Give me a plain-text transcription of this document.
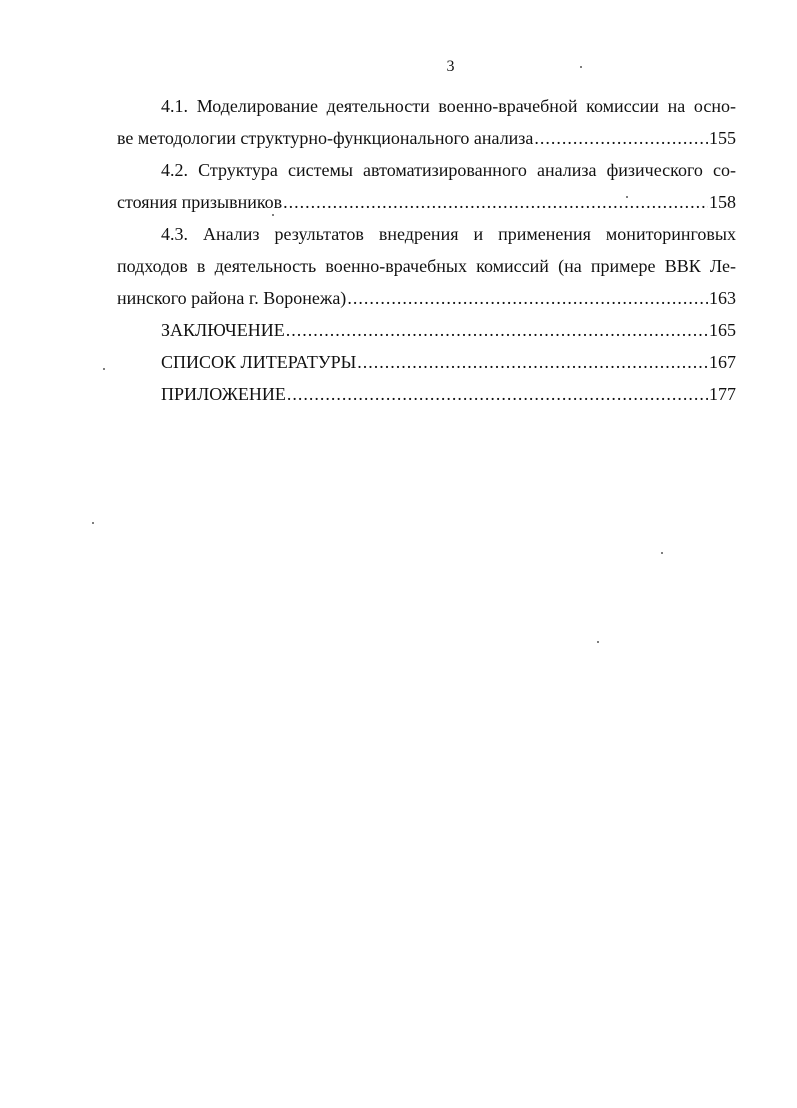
3
4.1. Моделирование деятельности военно-врачебной комиссии на осно-
ве методологии структурно-функционального анализа .....	155
4.2. Структура системы автоматизированного анализа физического со-
стояния призывников .....	158
4.3. Анализ результатов внедрения и применения мониторинговых
подходов в деятельность военно-врачебных комиссий (на примере ВВК Ле-
нинского района г. Воронежа) .....	163
ЗАКЛЮЧЕНИЕ .....	165
СПИСОК ЛИТЕРАТУРЫ .....	167
ПРИЛОЖЕНИЕ .....	177
